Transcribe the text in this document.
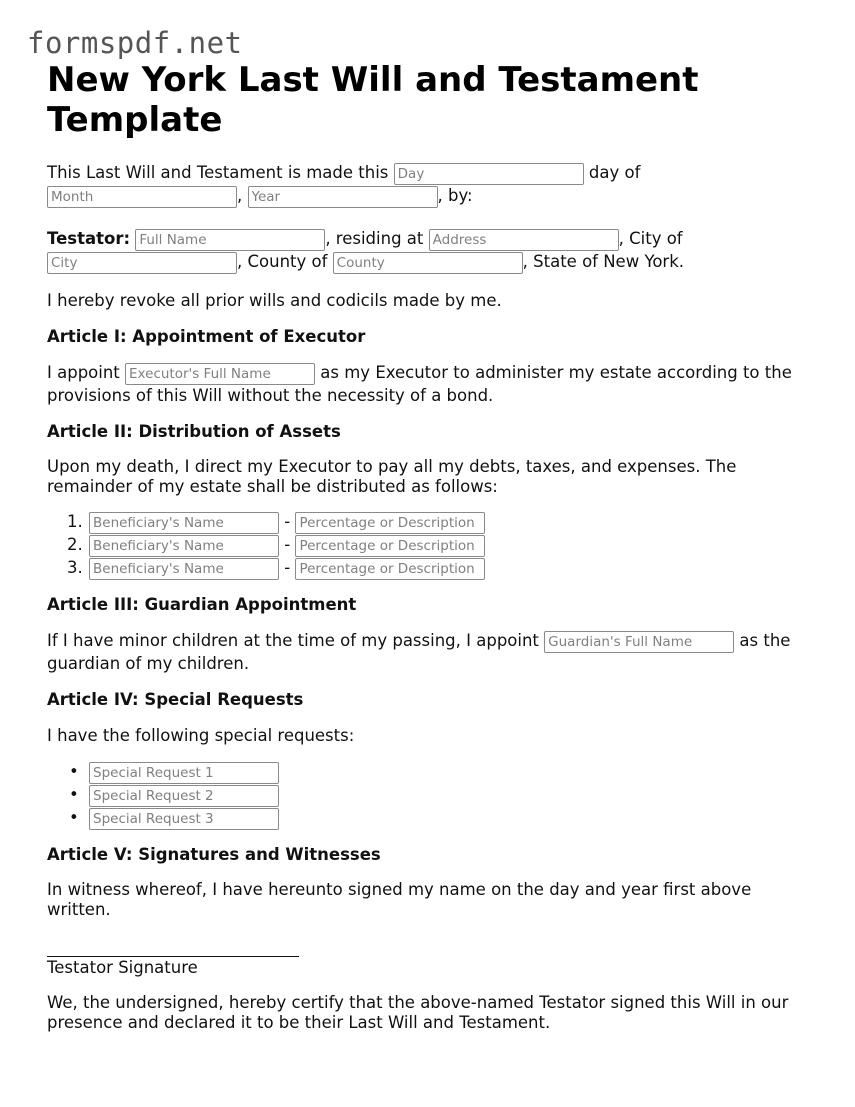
formspdf.net
New York Last Will and Testament Template

This Last Will and Testament is made this Day	day of
Month, Year	, by:

Testator: Full Name	, residing at Address	, City of
City, County of County	, State of New York.

I hereby revoke all prior wills and codicils made by me.

Article I: Appointment of Executor

I appoint Executor's Full Name	as my Executor to administer my estate according to the provisions of this Will without the necessity of a bond.

Article II: Distribution of Assets

Upon my death, I direct my Executor to pay all my debts, taxes, and expenses. The remainder of my estate shall be distributed as follows:

1.Beneficiary's Name	- Percentage or Description
2.Beneficiary's Name	- Percentage or Description
3.Beneficiary's Name	- Percentage or Description
Article III: Guardian Appointment

If I have minor children at the time of my passing, I appoint Guardian's Full Name	as the guardian of my children.

Article IV: Special Requests

I have the following special requests:

•Special Request 1
•Special Request 2
•Special Request 3
Article V: Signatures and Witnesses

In witness whereof, I have hereunto signed my name on the day and year first above written.

Testator Signature

We, the undersigned, hereby certify that the above-named Testator signed this Will in our presence and declared it to be their Last Will and Testament.
